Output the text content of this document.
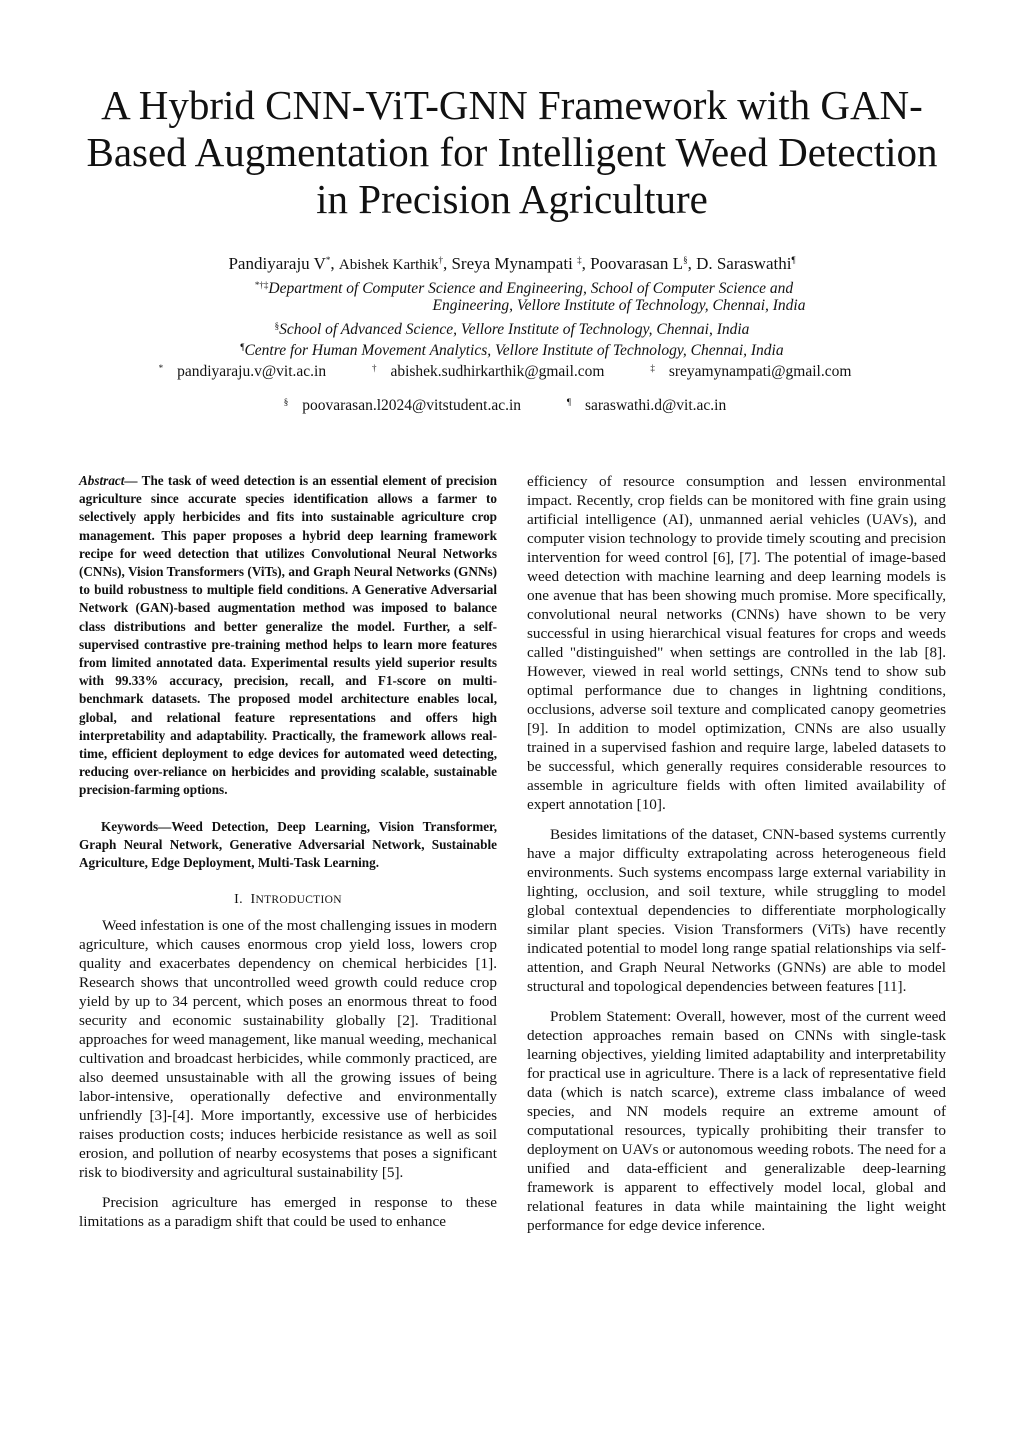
A Hybrid CNN-ViT-GNN Framework with GAN-
Based Augmentation for Intelligent Weed Detection
in Precision Agriculture
Pandiyaraju V*, Abishek Karthik†, Sreya Mynampati ‡, Poovarasan L§, D. Saraswathi¶
*†‡Department of Computer Science and Engineering, School of Computer Science and
Engineering, Vellore Institute of Technology, Chennai, India
§School of Advanced Science, Vellore Institute of Technology, Chennai, India
¶Centre for Human Movement Analytics, Vellore Institute of Technology, Chennai, India
* pandiyaraju.v@vit.ac.in	† abishek.sudhirkarthik@gmail.com	‡ sreyamynampati@gmail.com
§ poovarasan.l2024@vitstudent.ac.in	¶ saraswathi.d@vit.ac.in

Abstract— The task of weed detection is an essential element of precision agriculture since accurate species identification allows a farmer to selectively apply herbicides and fits into sustainable agriculture crop management. This paper proposes a hybrid deep learning framework recipe for weed detection that utilizes Convolutional Neural Networks (CNNs), Vision Transformers (ViTs), and Graph Neural Networks (GNNs) to build robustness to multiple field conditions. A Generative Adversarial Network (GAN)-based augmentation method was imposed to balance class distributions and better generalize the model. Further, a self-supervised contrastive pre-training method helps to learn more features from limited annotated data. Experimental results yield superior results with 99.33% accuracy, precision, recall, and F1-score on multi-benchmark datasets. The proposed model architecture enables local, global, and relational feature representations and offers high interpretability and adaptability. Practically, the framework allows real-time, efficient deployment to edge devices for automated weed detecting, reducing over-reliance on herbicides and providing scalable, sustainable precision-farming options.

Keywords—Weed Detection, Deep Learning, Vision Transformer, Graph Neural Network, Generative Adversarial Network, Sustainable Agriculture, Edge Deployment, Multi-Task Learning.

I. INTRODUCTION

Weed infestation is one of the most challenging issues in modern agriculture, which causes enormous crop yield loss, lowers crop quality and exacerbates dependency on chemical herbicides [1]. Research shows that uncontrolled weed growth could reduce crop yield by up to 34 percent, which poses an enormous threat to food security and economic sustainability globally [2]. Traditional approaches for weed management, like manual weeding, mechanical cultivation and broadcast herbicides, while commonly practiced, are also deemed unsustainable with all the growing issues of being labor-intensive, operationally defective and environmentally unfriendly [3]-[4]. More importantly, excessive use of herbicides raises production costs; induces herbicide resistance as well as soil erosion, and pollution of nearby ecosystems that poses a significant risk to biodiversity and agricultural sustainability [5].

Precision agriculture has emerged in response to these limitations as a paradigm shift that could be used to enhance

efficiency of resource consumption and lessen environmental impact. Recently, crop fields can be monitored with fine grain using artificial intelligence (AI), unmanned aerial vehicles (UAVs), and computer vision technology to provide timely scouting and precision intervention for weed control [6], [7]. The potential of image-based weed detection with machine learning and deep learning models is one avenue that has been showing much promise. More specifically, convolutional neural networks (CNNs) have shown to be very successful in using hierarchical visual features for crops and weeds called "distinguished" when settings are controlled in the lab [8]. However, viewed in real world settings, CNNs tend to show sub optimal performance due to changes in lightning conditions, occlusions, adverse soil texture and complicated canopy geometries [9]. In addition to model optimization, CNNs are also usually trained in a supervised fashion and require large, labeled datasets to be successful, which generally requires considerable resources to assemble in agriculture fields with often limited availability of expert annotation [10].

Besides limitations of the dataset, CNN-based systems currently have a major difficulty extrapolating across heterogeneous field environments. Such systems encompass large external variability in lighting, occlusion, and soil texture, while struggling to model global contextual dependencies to differentiate morphologically similar plant species. Vision Transformers (ViTs) have recently indicated potential to model long range spatial relationships via self-attention, and Graph Neural Networks (GNNs) are able to model structural and topological dependencies between features [11].

Problem Statement: Overall, however, most of the current weed detection approaches remain based on CNNs with single-task learning objectives, yielding limited adaptability and interpretability for practical use in agriculture. There is a lack of representative field data (which is natch scarce), extreme class imbalance of weed species, and NN models require an extreme amount of computational resources, typically prohibiting their transfer to deployment on UAVs or autonomous weeding robots. The need for a unified and data-efficient and generalizable deep-learning framework is apparent to effectively model local, global and relational features in data while maintaining the light weight performance for edge device inference.
